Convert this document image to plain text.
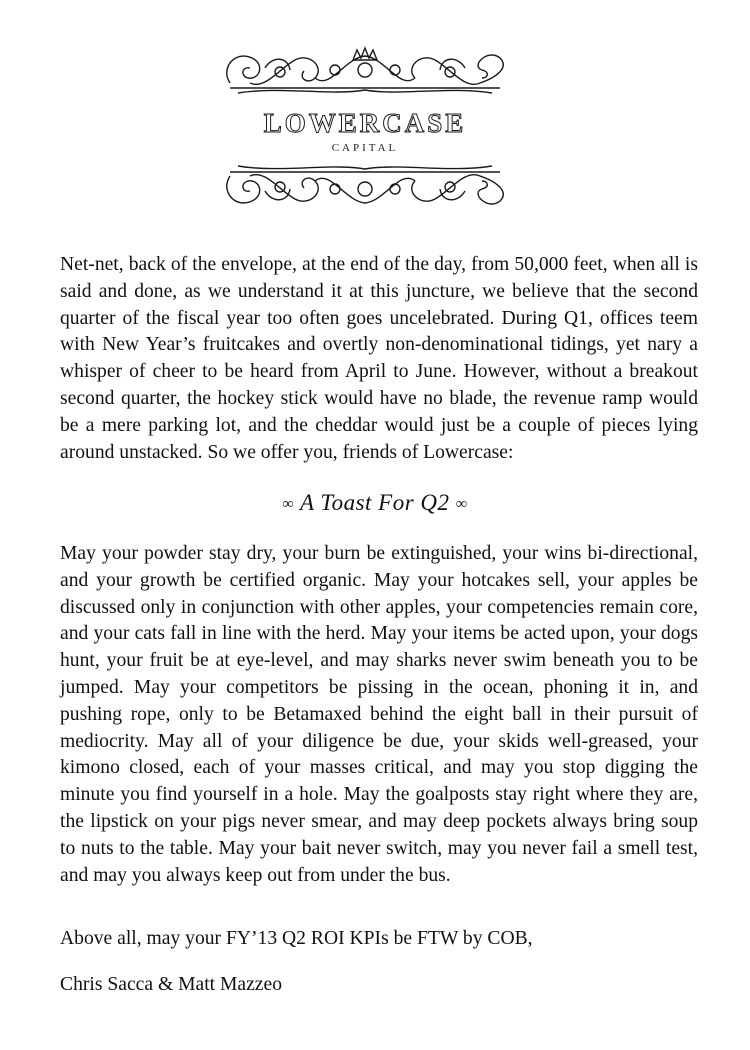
LOWERCASE
CAPITAL

Net-net, back of the envelope, at the end of the day, from 50,000 feet, when all is said and done, as we understand it at this juncture, we believe that the second quarter of the fiscal year too often goes uncelebrated. During Q1, offices teem with New Year’s fruitcakes and overtly non-denominational tidings, yet nary a whisper of cheer to be heard from April to June. However, without a breakout second quarter, the hockey stick would have no blade, the revenue ramp would be a mere parking lot, and the cheddar would just be a couple of pieces lying around unstacked. So we offer you, friends of Lowercase:

∞ A Toast For Q2 ∞

May your powder stay dry, your burn be extinguished, your wins bi-directional, and your growth be certified organic. May your hotcakes sell, your apples be discussed only in conjunction with other apples, your competencies remain core, and your cats fall in line with the herd. May your items be acted upon, your dogs hunt, your fruit be at eye-level, and may sharks never swim beneath you to be jumped. May your competitors be pissing in the ocean, phoning it in, and pushing rope, only to be Betamaxed behind the eight ball in their pursuit of mediocrity. May all of your diligence be due, your skids well-greased, your kimono closed, each of your masses critical, and may you stop digging the minute you find yourself in a hole. May the goalposts stay right where they are, the lipstick on your pigs never smear, and may deep pockets always bring soup to nuts to the table. May your bait never switch, may you never fail a smell test, and may you always keep out from under the bus.

Above all, may your FY’13 Q2 ROI KPIs be FTW by COB,

Chris Sacca & Matt Mazzeo
